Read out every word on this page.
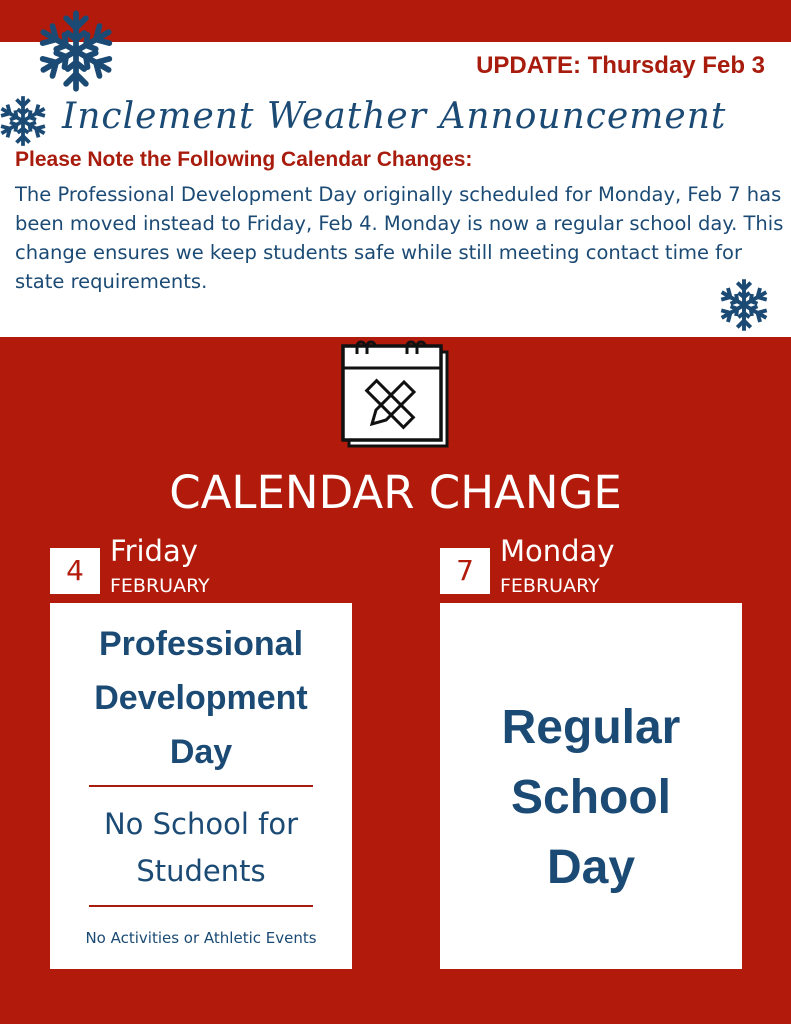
UPDATE: Thursday Feb 3
Inclement Weather Announcement
Please Note the Following Calendar Changes:
The Professional Development Day originally scheduled for Monday, Feb 7 has been moved instead to Friday, Feb 4. Monday is now a regular school day. This change ensures we keep students safe while still meeting contact time for state requirements.
CALENDAR CHANGE
4
Friday
FEBRUARY	7
Monday
FEBRUARY
Professional Development Day
No School for Students
No Activities or Athletic Events
Regular School Day
